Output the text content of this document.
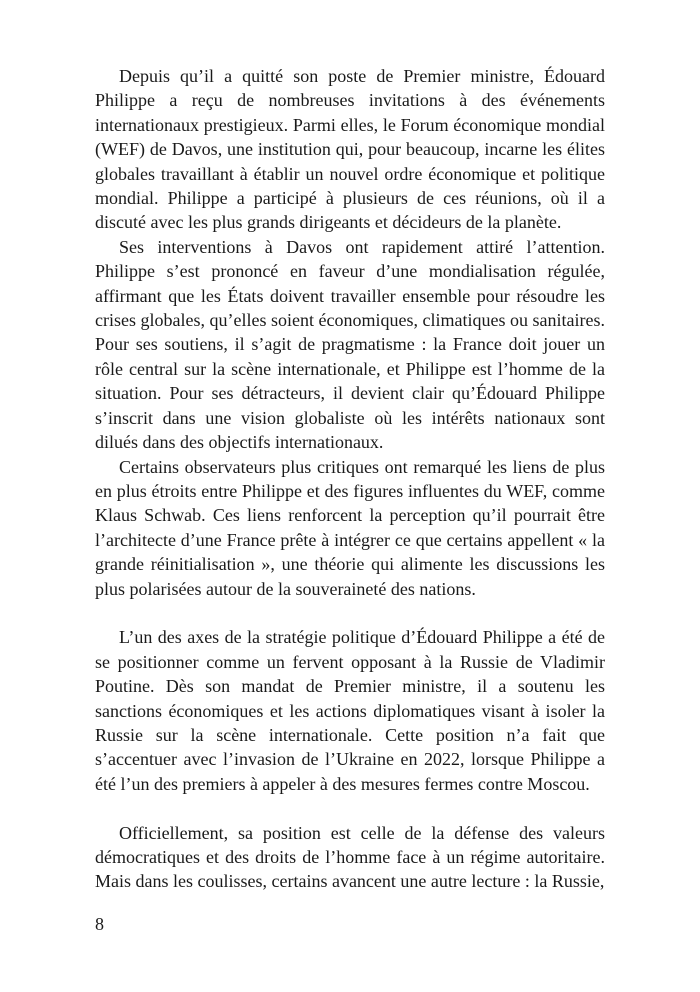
Depuis qu’il a quitté son poste de Premier ministre, Édouard Philippe a reçu de nombreuses invitations à des événements internationaux prestigieux. Parmi elles, le Forum économique mondial (WEF) de Davos, une institution qui, pour beaucoup, incarne les élites globales travaillant à établir un nouvel ordre économique et politique mondial. Philippe a participé à plusieurs de ces réunions, où il a discuté avec les plus grands dirigeants et décideurs de la planète.

Ses interventions à Davos ont rapidement attiré l’attention. Philippe s’est prononcé en faveur d’une mondialisation régulée, affirmant que les États doivent travailler ensemble pour résoudre les crises globales, qu’elles soient économiques, climatiques ou sanitaires. Pour ses soutiens, il s’agit de pragmatisme : la France doit jouer un rôle central sur la scène internationale, et Philippe est l’homme de la situation. Pour ses détracteurs, il devient clair qu’Édouard Philippe s’inscrit dans une vision globaliste où les intérêts nationaux sont dilués dans des objectifs internationaux.

Certains observateurs plus critiques ont remarqué les liens de plus en plus étroits entre Philippe et des figures influentes du WEF, comme Klaus Schwab. Ces liens renforcent la perception qu’il pourrait être l’architecte d’une France prête à intégrer ce que certains appellent « la grande réinitialisation », une théorie qui alimente les discussions les plus polarisées autour de la souveraineté des nations.

L’un des axes de la stratégie politique d’Édouard Philippe a été de se positionner comme un fervent opposant à la Russie de Vladimir Poutine. Dès son mandat de Premier ministre, il a soutenu les sanctions économiques et les actions diplomatiques visant à isoler la Russie sur la scène internationale. Cette position n’a fait que s’accentuer avec l’invasion de l’Ukraine en 2022, lorsque Philippe a été l’un des premiers à appeler à des mesures fermes contre Moscou.

Officiellement, sa position est celle de la défense des valeurs démocratiques et des droits de l’homme face à un régime autoritaire. Mais dans les coulisses, certains avancent une autre lecture : la Russie,

8
